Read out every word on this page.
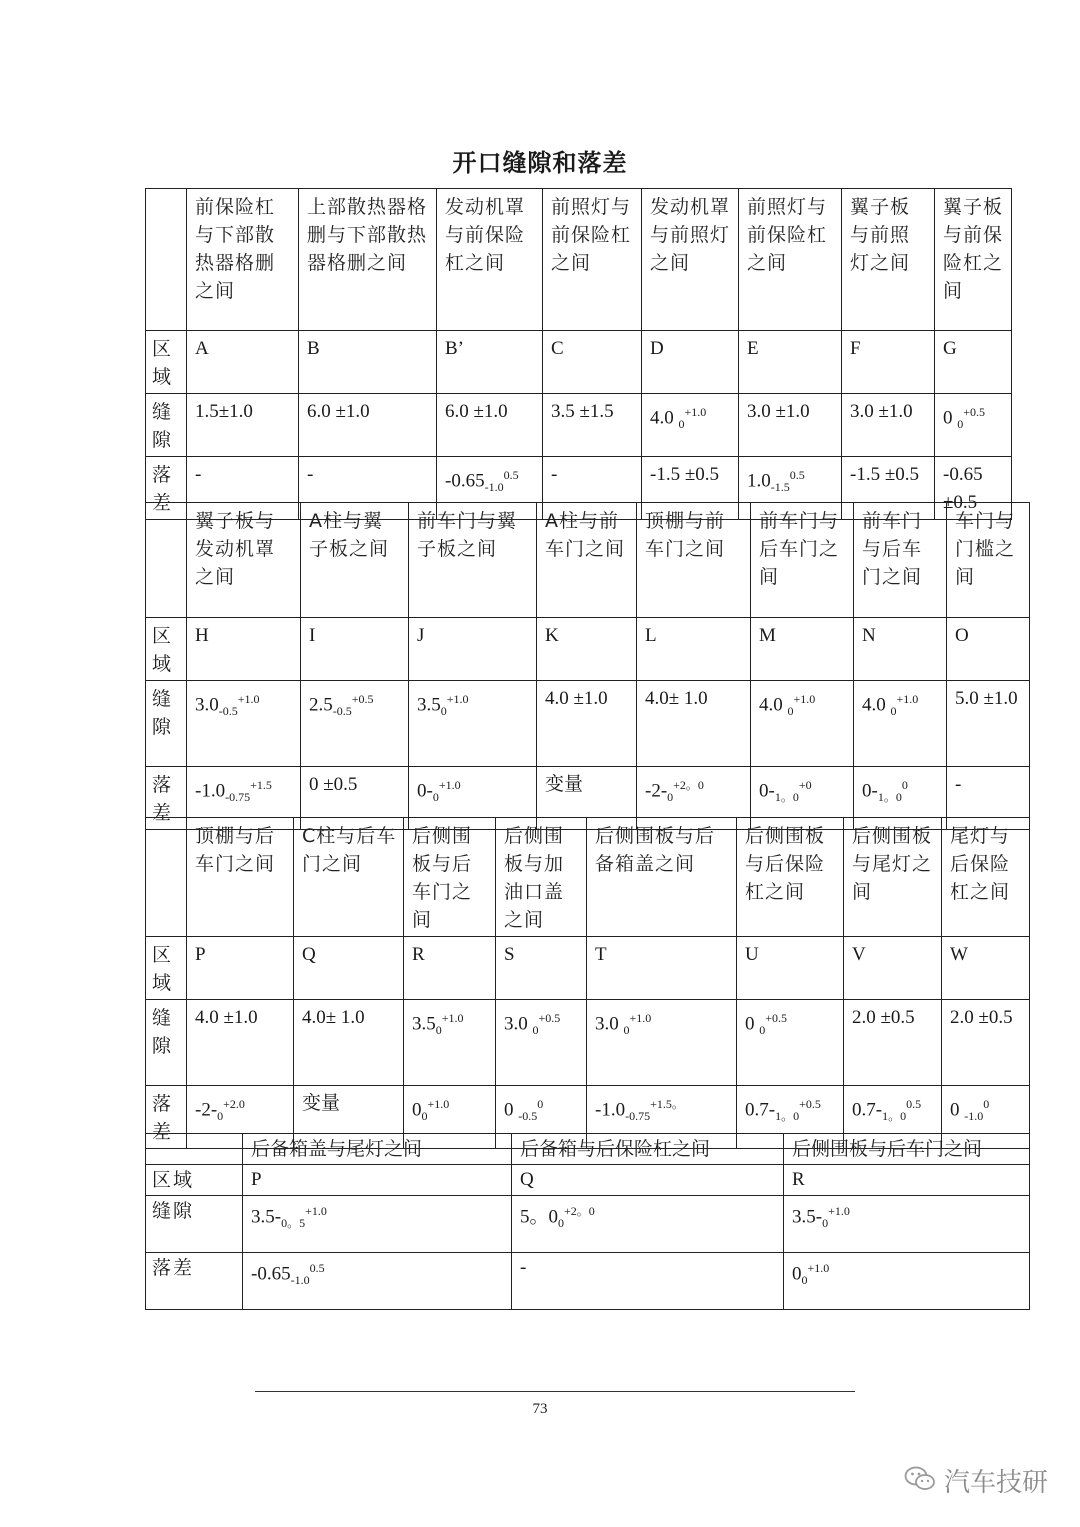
开口缝隙和落差
	前保险杠与下部散热器格删之间	上部散热器格删与下部散热器格删之间	发动机罩与前保险杠之间	前照灯与前保险杠之间	发动机罩与前照灯之间	前照灯与前保险杠之间	翼子板与前照灯之间	翼子板与前保险杠之间
区域	A	B	B’	C	D	E	F	G
缝隙	1.5±1.0	6.0 ±1.0	6.0 ±1.0	3.5 ±1.5	4.0 $_0^{+1.0}$	3.0 ±1.0	3.0 ±1.0	0 $_0^{+0.5}$
落差	-	-	$-0.65_{-1.0}^{0.5}$	-	-1.5 ±0.5	$1.0_{-1.5}^{0.5}$	-1.5 ±0.5	-0.65 ±0.5
	翼子板与发动机罩之间	A柱与翼子板之间	前车门与翼子板之间	A柱与前车门之间	顶棚与前车门之间	前车门与后车门之间	前车门与后车门之间	车门与门槛之间
区域	H	I	J	K	L	M	N	O
缝隙	$3.0_{-0.5}^{+1.0}$	$2.5_{-0.5}^{+0.5}$	$3.5_0^{+1.0}$	4.0 ±1.0	4.0± 1.0	4.0 $_0^{+1.0}$	4.0 $_0^{+1.0}$	5.0 ±1.0
落差	$-1.0_{-0.75}^{+1.5}$	0 ±0.5	$0-_0^{+1.0}$	变量	$-2-_0^{+2。0}$	$0-_{1。0}^{+0}$	$0-_{1。0}^0$	-
	顶棚与后车门之间	C柱与后车门之间	后侧围板与后车门之间	后侧围板与加油口盖之间	后侧围板与后备箱盖之间	后侧围板与后保险杠之间	后侧围板与尾灯之间	尾灯与后保险杠之间
区域	P	Q	R	S	T	U	V	W
缝隙	4.0 ±1.0	4.0± 1.0	$3.5_0^{+1.0}$	3.0 $_0^{+0.5}$	3.0 $_0^{+1.0}$	0 $_0^{+0.5}$	2.0 ±0.5	2.0 ±0.5
落差	$-2-_0^{+2.0}$	变量	$0_0^{+1.0}$	0 $_{-0.5}^0$	$-1.0_{-0.75}^{+1.5。}$	$0.7-_{1。0}^{+0.5}$	$0.7-_{1。0}^{0.5}$	0 $_{-1.0}^0$
	后备箱盖与尾灯之间	后备箱与后保险杠之间	后侧围板与后车门之间
区域	P	Q	R
缝隙	$3.5-_{0。5}^{+1.0}$	5。$0_0^{+2。0}$	$3.5-_0^{+1.0}$
落差	$-0.65_{-1.0}^{0.5}$	-	$0_0^{+1.0}$
73
汽车技研
